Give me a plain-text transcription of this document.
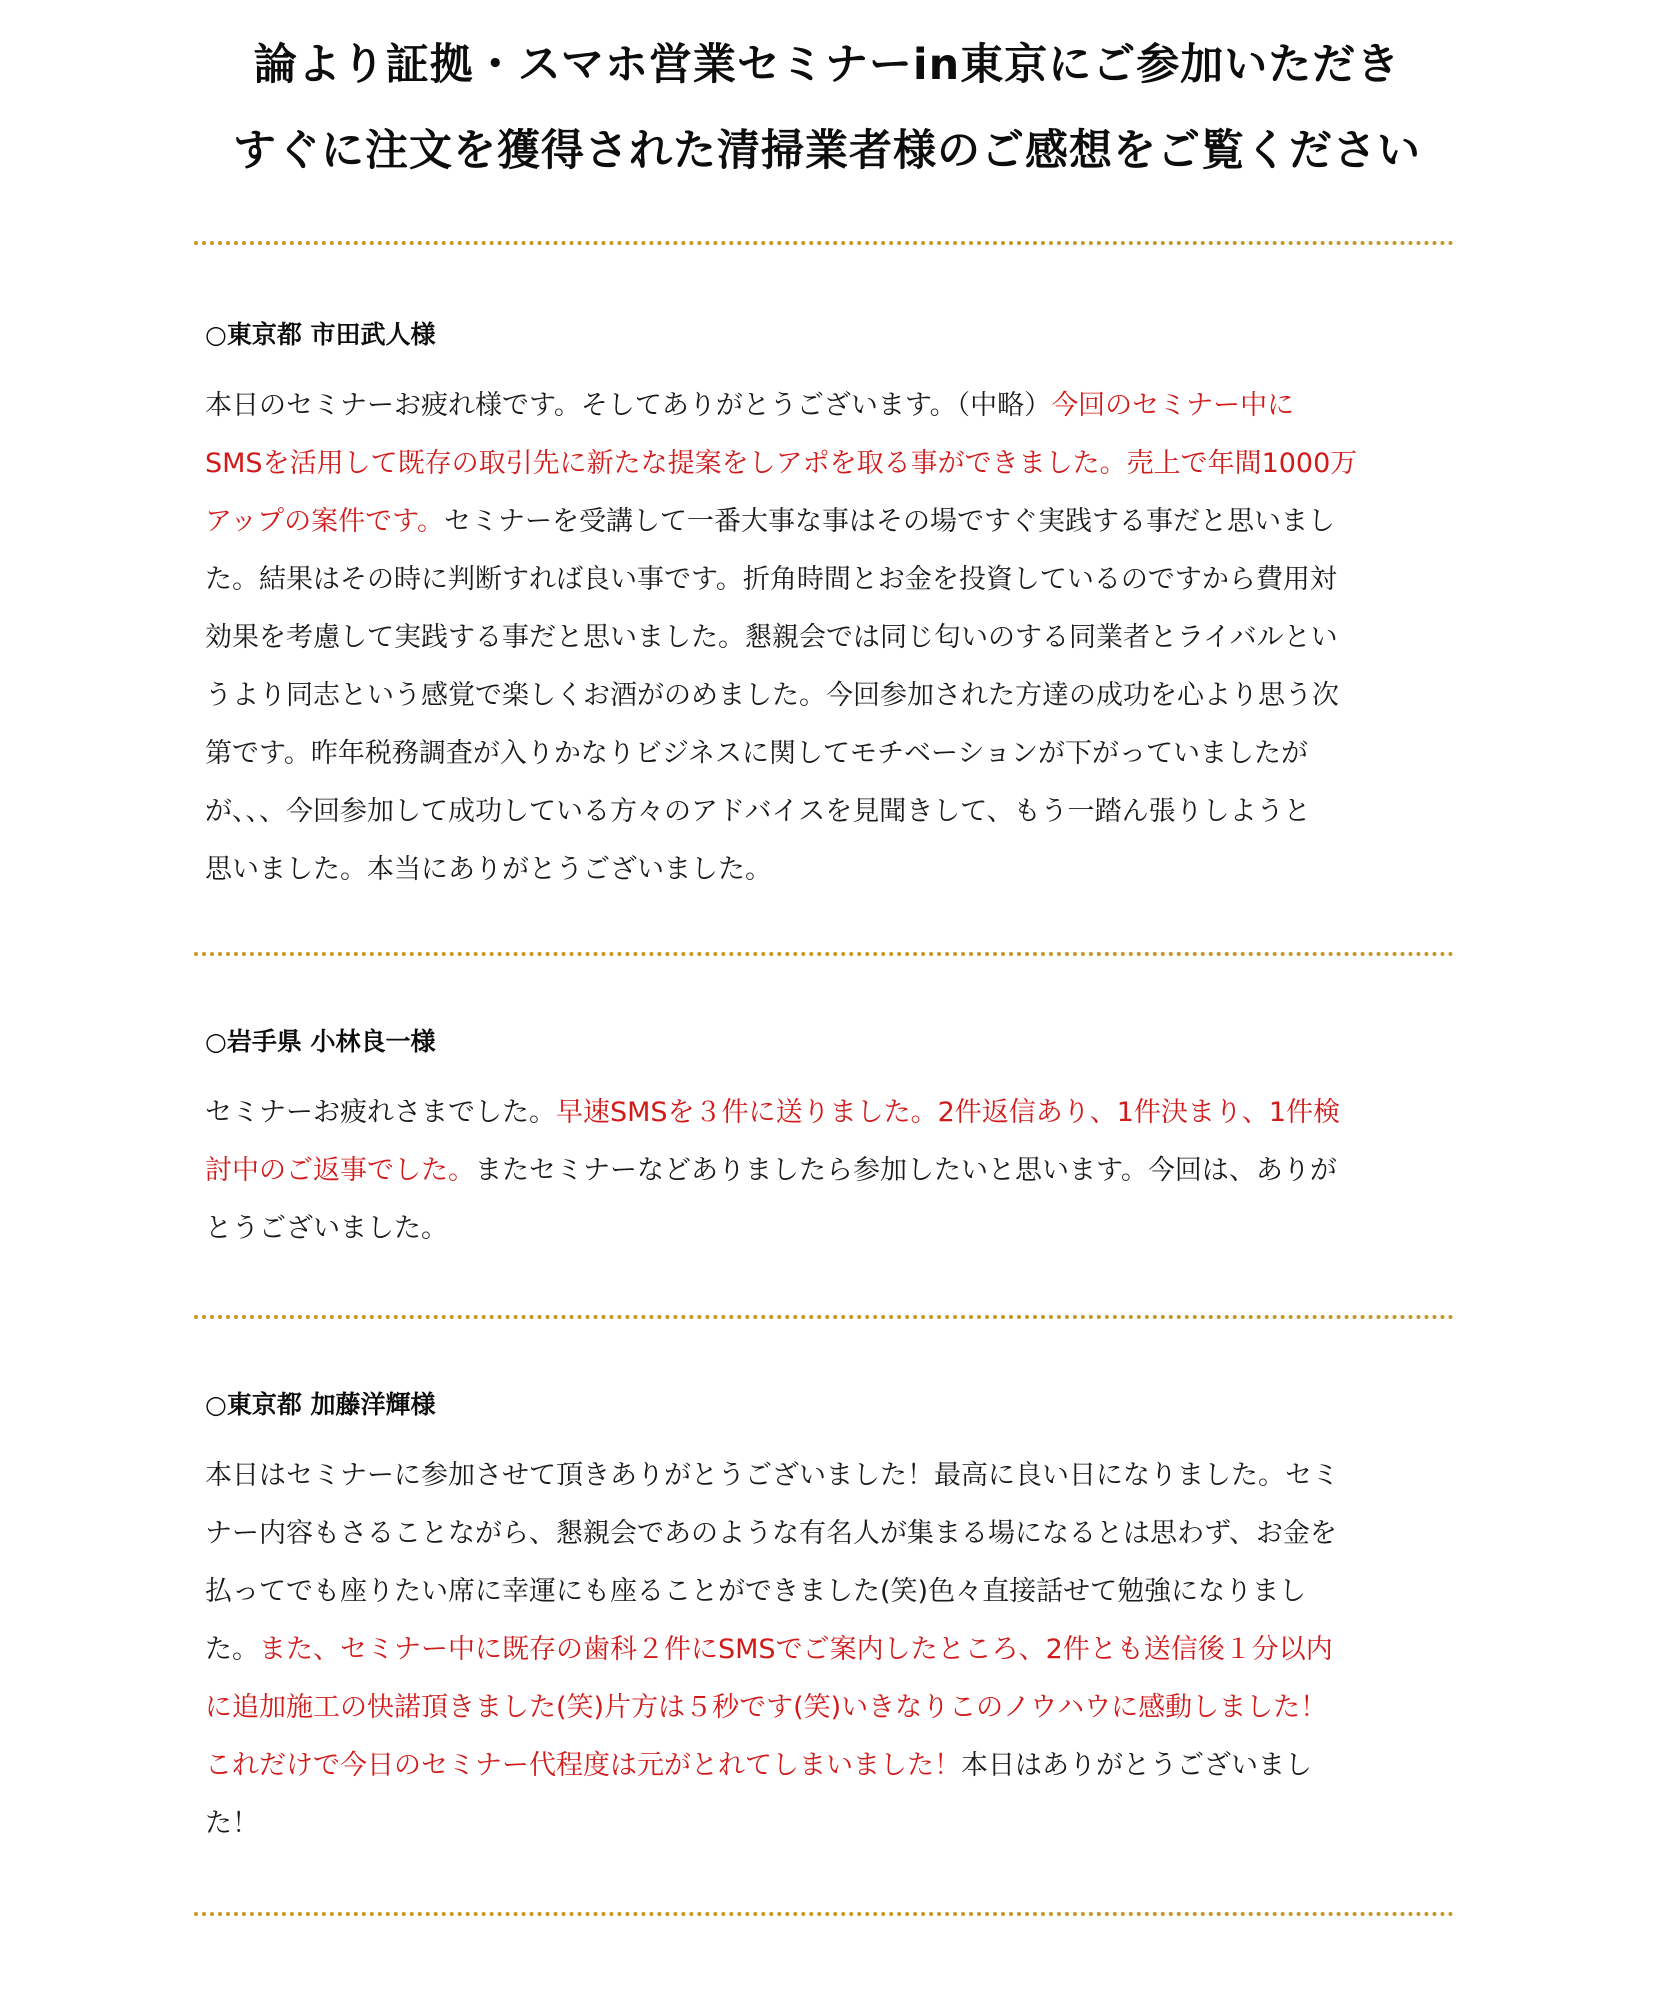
論より証拠・スマホ営業セミナーin東京にご参加いただき
すぐに注文を獲得された清掃業者様のご感想をご覧ください
○東京都 市田武人様
本日のセミナーお疲れ様です。そしてありがとうございます。（中略）今回のセミナー中に
SMSを活用して既存の取引先に新たな提案をしアポを取る事ができました。売上で年間1000万
アップの案件です。セミナーを受講して一番大事な事はその場ですぐ実践する事だと思いまし
た。結果はその時に判断すれば良い事です。折角時間とお金を投資しているのですから費用対
効果を考慮して実践する事だと思いました。懇親会では同じ匂いのする同業者とライバルとい
うより同志という感覚で楽しくお酒がのめました。今回参加された方達の成功を心より思う次
第です。昨年税務調査が入りかなりビジネスに関してモチベーションが下がっていましたが
が、、、今回参加して成功している方々のアドバイスを見聞きして、もう一踏ん張りしようと
思いました。本当にありがとうございました。
○岩手県 小林良一様
セミナーお疲れさまでした。早速SMSを３件に送りました。2件返信あり、1件決まり、1件検
討中のご返事でした。またセミナーなどありましたら参加したいと思います。今回は、ありが
とうございました。
○東京都 加藤洋輝様
本日はセミナーに参加させて頂きありがとうございました！最高に良い日になりました。セミ
ナー内容もさることながら、懇親会であのような有名人が集まる場になるとは思わず、お金を
払ってでも座りたい席に幸運にも座ることができました(笑)色々直接話せて勉強になりまし
た。また、セミナー中に既存の歯科２件にSMSでご案内したところ、2件とも送信後１分以内
に追加施工の快諾頂きました(笑)片方は５秒です(笑)いきなりこのノウハウに感動しました！
これだけで今日のセミナー代程度は元がとれてしまいました！本日はありがとうございまし
た！
